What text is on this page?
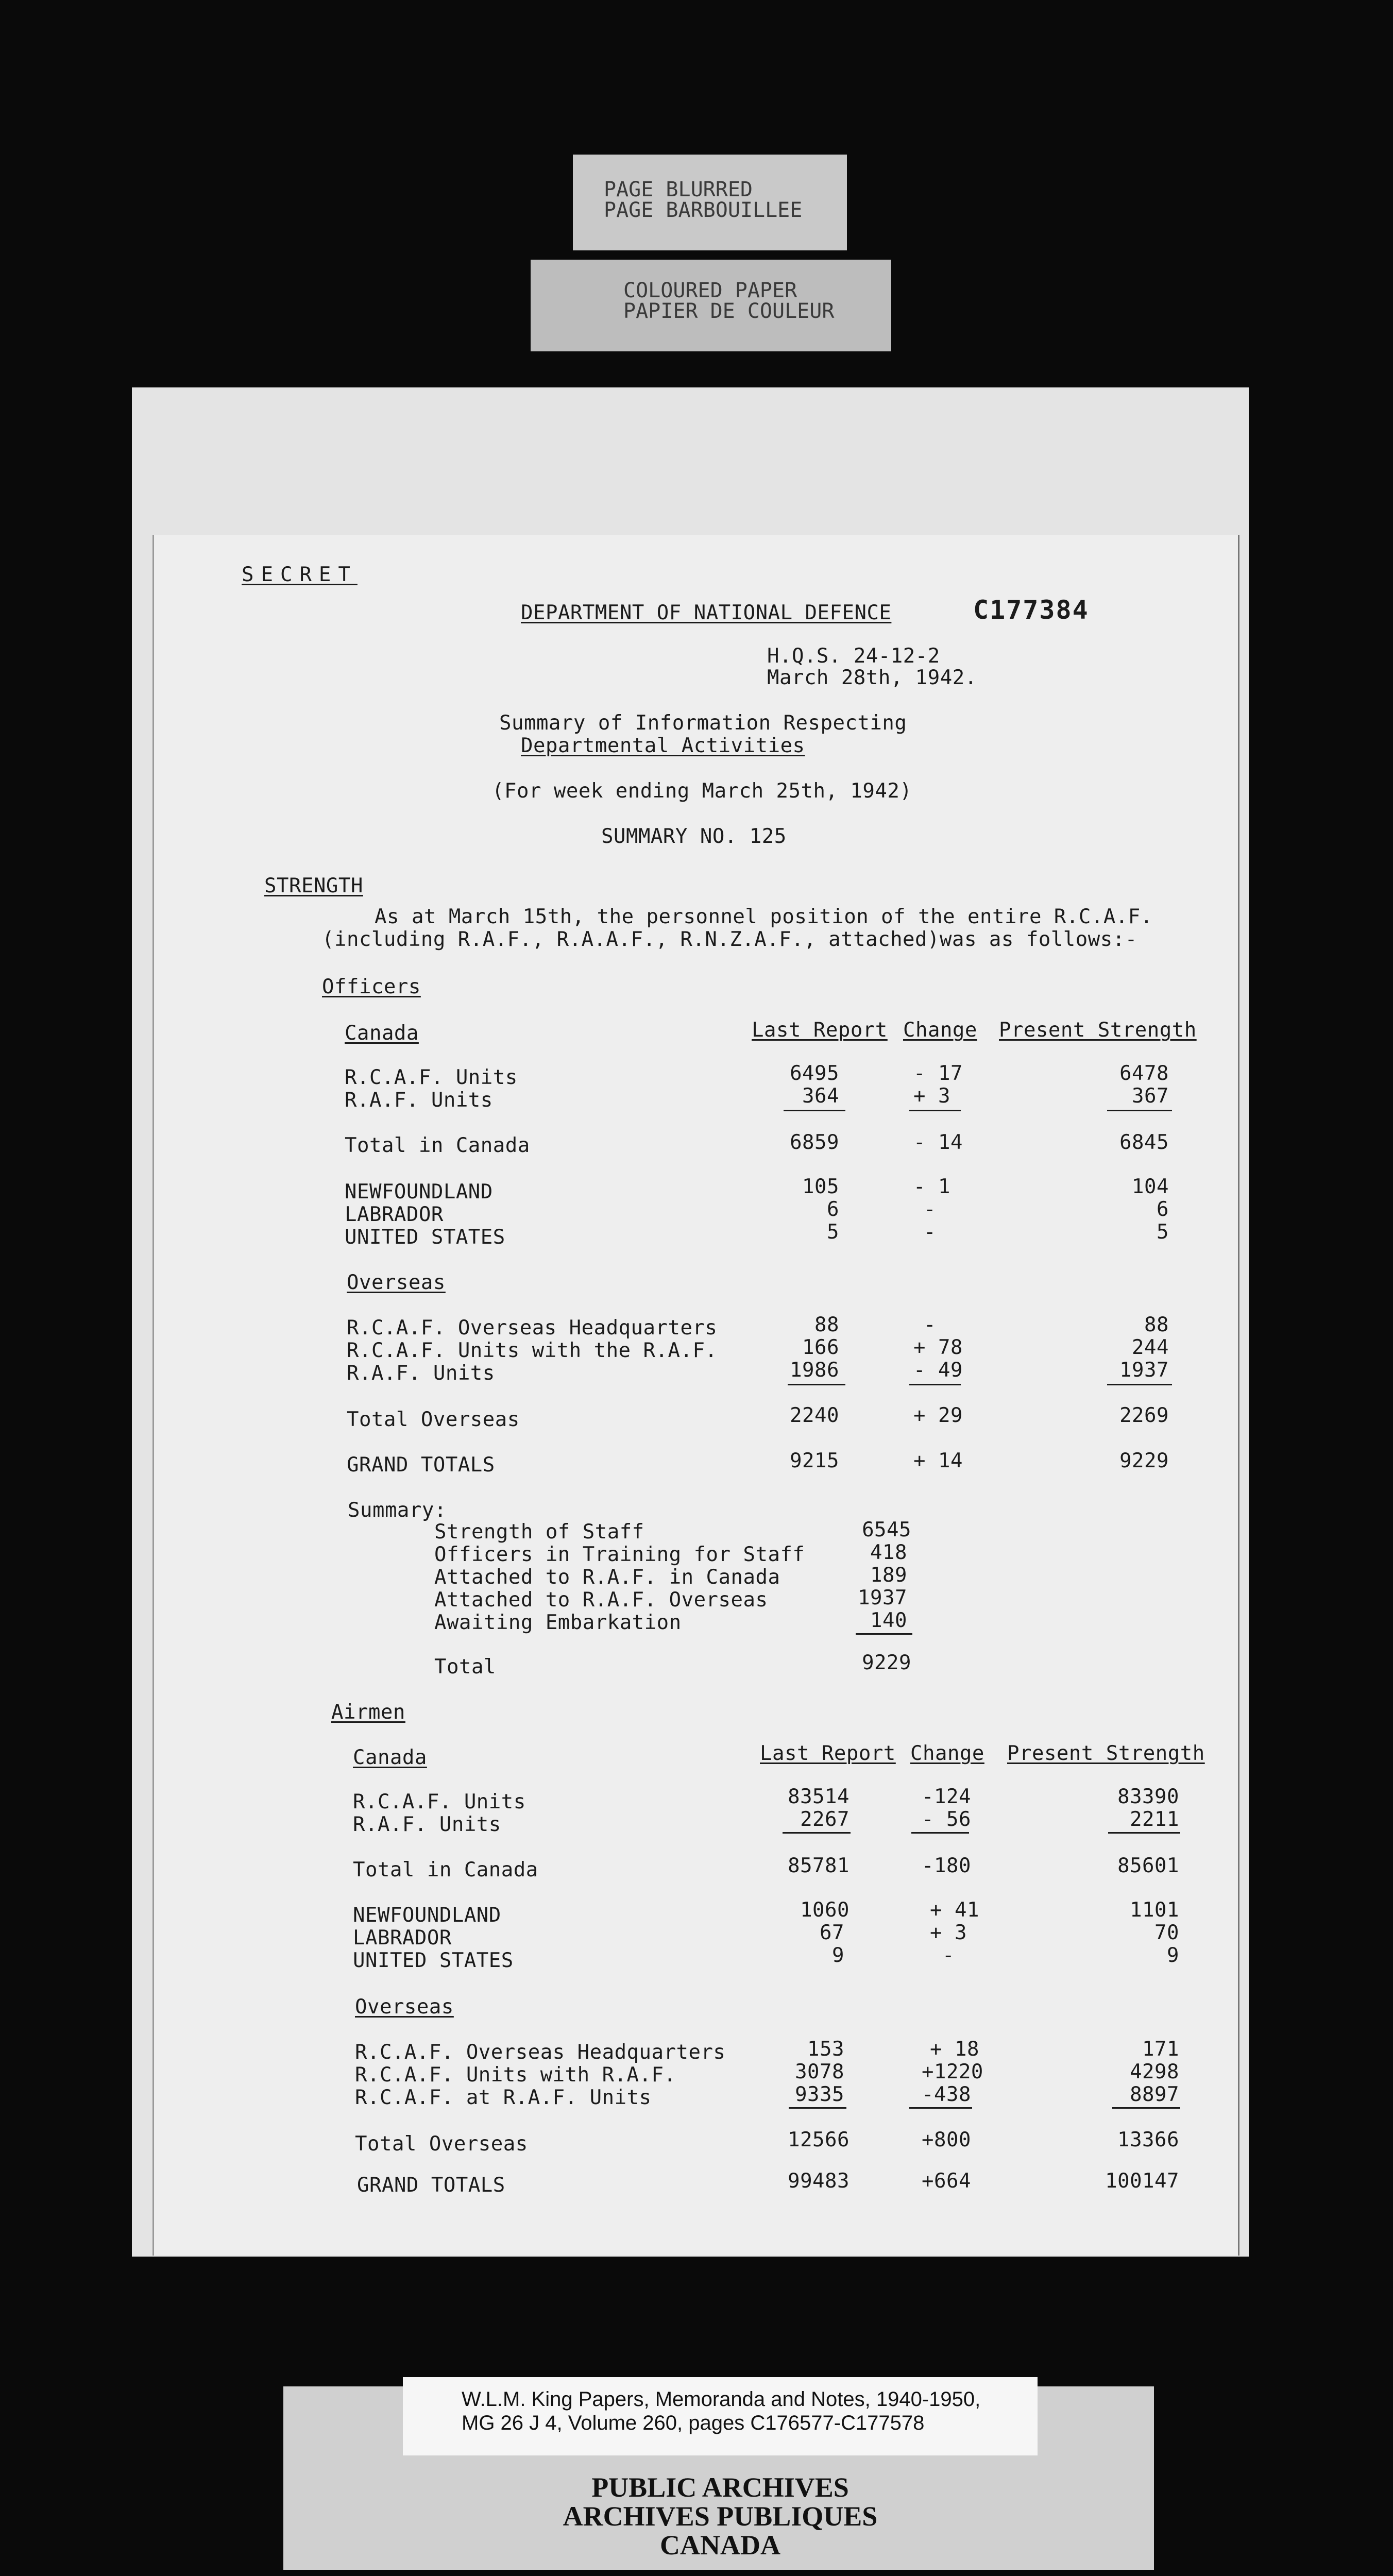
PAGE BLURRED
PAGE BARBOUILLEE
COLOURED PAPER
PAPIER DE COULEUR
SECRET
DEPARTMENT OF NATIONAL DEFENCE	C177384
H.Q.S. 24-12-2
March 28th, 1942.
Summary of Information Respecting
Departmental Activities
(For week ending March 25th, 1942)
SUMMARY NO. 125
STRENGTH
As at March 15th, the personnel position of the entire R.C.A.F.
(including R.A.F., R.A.A.F., R.N.Z.A.F., attached)was as follows:-
Officers
Canada	Last Report Change Present Strength
R.C.A.F. Units	6495	- 17	6478
R.A.F. Units	364	+ 3	367
Total in Canada	6859	- 14	6845
NEWFOUNDLAND	105	- 1	104
LABRADOR	6	-	6
UNITED STATES	5	-	5
Overseas
R.C.A.F. Overseas Headquarters	88	-	88
R.C.A.F. Units with the R.A.F.	166	+ 78	244
R.A.F. Units	1986	- 49	1937
Total Overseas	2240	+ 29	2269
GRAND TOTALS	9215	+ 14	9229
Summary:
Strength of Staff	6545
Officers in Training for Staff	418
Attached to R.A.F. in Canada	189
Attached to R.A.F. Overseas	1937
Awaiting Embarkation	140
Total	9229
Airmen
Canada	Last Report Change Present Strength
R.C.A.F. Units	83514	-124	83390
R.A.F. Units	2267	- 56	2211
Total in Canada	85781	-180	85601
NEWFOUNDLAND	1060	+ 41	1101
LABRADOR	67	+ 3	70
UNITED STATES	9	-	9
Overseas
R.C.A.F. Overseas Headquarters	153	+ 18	171
R.C.A.F. Units with R.A.F.	3078	+1220	4298
R.C.A.F. at R.A.F. Units	9335	-438	8897
Total Overseas	12566	+800	13366
GRAND TOTALS	99483	+664	100147
W.L.M. King Papers, Memoranda and Notes, 1940-1950,
MG 26 J 4, Volume 260, pages C176577-C177578
PUBLIC ARCHIVES
ARCHIVES PUBLIQUES
CANADA
